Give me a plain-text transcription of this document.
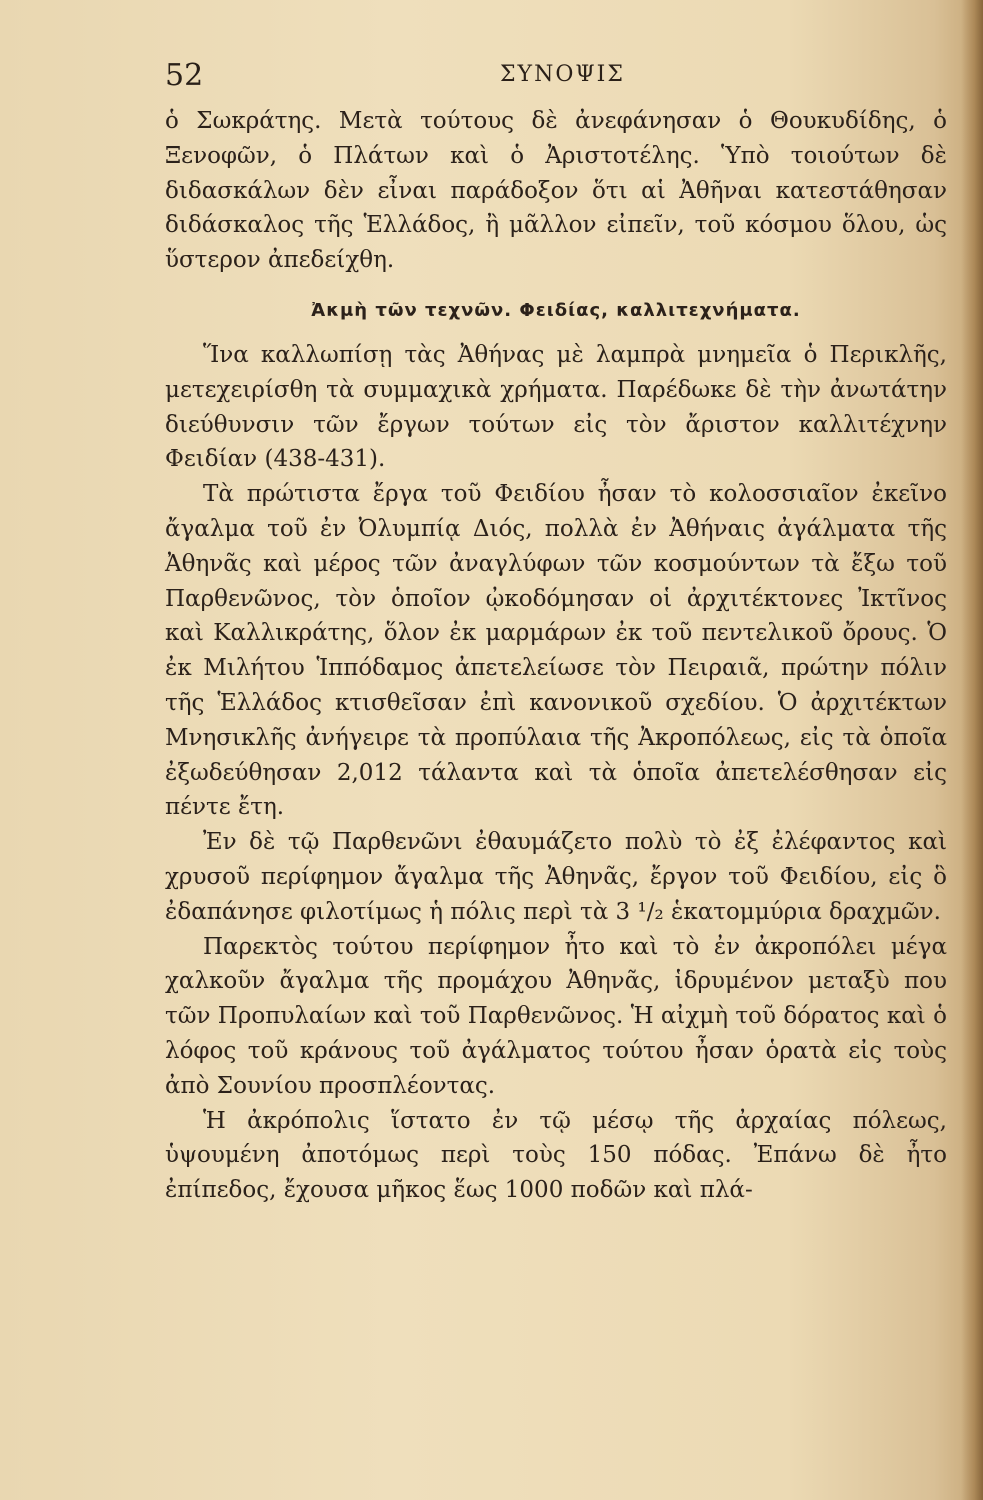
52	ΣΥΝΟΨΙΣ

ὁ Σωκράτης. Μετὰ τούτους δὲ ἀνεφάνησαν ὁ Θουκυδίδης, ὁ Ξενοφῶν, ὁ Πλάτων καὶ ὁ Ἀριστοτέλης. Ὑπὸ τοιούτων δὲ διδασκάλων δὲν εἶναι παράδοξον ὅτι αἱ Ἀθῆναι κατεστάθησαν διδάσκαλος τῆς Ἑλλάδος, ἢ μᾶλλον εἰπεῖν, τοῦ κόσμου ὅλου, ὡς ὕστερον ἀπεδείχθη.

Ἀκμὴ τῶν τεχνῶν. Φειδίας, καλλιτεχνήματα.

Ἵνα καλλωπίσῃ τὰς Ἀθήνας μὲ λαμπρὰ μνημεῖα ὁ Περικλῆς, μετεχειρίσθη τὰ συμμαχικὰ χρήματα. Παρέδωκε δὲ τὴν ἀνωτάτην διεύθυνσιν τῶν ἔργων τούτων εἰς τὸν ἄριστον καλλιτέχνην Φειδίαν (438-431).

Τὰ πρώτιστα ἔργα τοῦ Φειδίου ἦσαν τὸ κολοσσιαῖον ἐκεῖνο ἄγαλμα τοῦ ἐν Ὀλυμπίᾳ Διός, πολλὰ ἐν Ἀθήναις ἀγάλματα τῆς Ἀθηνᾶς καὶ μέρος τῶν ἀναγλύφων τῶν κοσμούντων τὰ ἔξω τοῦ Παρθενῶνος, τὸν ὁποῖον ᾠκοδόμησαν οἱ ἀρχιτέκτονες Ἰκτῖνος καὶ Καλλικράτης, ὅλον ἐκ μαρμάρων ἐκ τοῦ πεντελικοῦ ὄρους. Ὁ ἐκ Μιλήτου Ἱππόδαμος ἀπετελείωσε τὸν Πειραιᾶ, πρώτην πόλιν τῆς Ἑλλάδος κτισθεῖσαν ἐπὶ κανονικοῦ σχεδίου. Ὁ ἀρχιτέκτων Μνησικλῆς ἀνήγειρε τὰ προπύλαια τῆς Ἀκροπόλεως, εἰς τὰ ὁποῖα ἐξωδεύθησαν 2,012 τάλαντα καὶ τὰ ὁποῖα ἀπετελέσθησαν εἰς πέντε ἔτη.

Ἐν δὲ τῷ Παρθενῶνι ἐθαυμάζετο πολὺ τὸ ἐξ ἐλέφαντος καὶ χρυσοῦ περίφημον ἄγαλμα τῆς Ἀθηνᾶς, ἔργον τοῦ Φειδίου, εἰς ὃ ἐδαπάνησε φιλοτίμως ἡ πόλις περὶ τὰ 3 ¹/₂ ἑκατομμύρια δραχμῶν.

Παρεκτὸς τούτου περίφημον ἦτο καὶ τὸ ἐν ἀκροπόλει μέγα χαλκοῦν ἄγαλμα τῆς προμάχου Ἀθηνᾶς, ἱδρυμένον μεταξὺ που τῶν Προπυλαίων καὶ τοῦ Παρθενῶνος. Ἡ αἰχμὴ τοῦ δόρατος καὶ ὁ λόφος τοῦ κράνους τοῦ ἀγάλματος τούτου ἦσαν ὁρατὰ εἰς τοὺς ἀπὸ Σουνίου προσπλέοντας.

Ἡ ἀκρόπολις ἵστατο ἐν τῷ μέσῳ τῆς ἀρχαίας πόλεως, ὑψουμένη ἀποτόμως περὶ τοὺς 150 πόδας. Ἐπάνω δὲ ἦτο ἐπίπεδος, ἔχουσα μῆκος ἕως 1000 ποδῶν καὶ πλά-
